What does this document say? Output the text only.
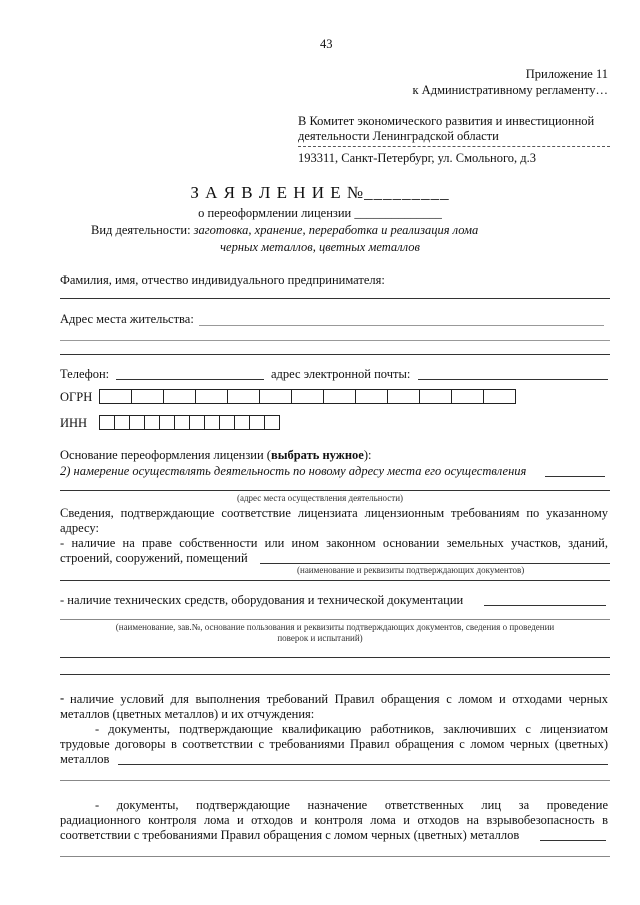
43
Приложение 11
к Административному регламенту…
В Комитет экономического развития и инвестиционной
деятельности Ленинградской области
193311, Санкт-Петербург, ул. Смольного, д.3
З А Я В Л Е Н И Е №_________
о переоформлении лицензии ______________
Вид деятельности: заготовка, хранение, переработка и реализация лома
черных металлов, цветных металлов
Фамилия, имя, отчество индивидуального предпринимателя:
Адрес места жительства:
Телефон:	адрес электронной почты:
ОГРН
ИНН
Основание переоформления лицензии (выбрать нужное):
2) намерение осуществлять деятельность по новому адресу места его осуществления
(адрес места осуществления деятельности)
Сведения, подтверждающие соответствие лицензиата лицензионным требованиям по указанному
адресу:
- наличие на праве собственности или ином законном основании земельных участков, зданий,
строений, сооружений, помещений
(наименование и реквизиты подтверждающих документов)
- наличие технических средств, оборудования и технической документации
(наименование, зав.№, основание пользования и реквизиты подтверждающих документов, сведения о проведении
поверок и испытаний)
- наличие условий для выполнения требований Правил обращения с ломом и отходами черных
металлов (цветных металлов) и их отчуждения:
- документы, подтверждающие квалификацию работников, заключивших с лицензиатом
трудовые договоры в соответствии с требованиями Правил обращения с ломом черных (цветных)
металлов
- документы, подтверждающие назначение ответственных лиц за проведение
радиационного контроля лома и отходов и контроля лома и отходов на взрывобезопасность в
соответствии с требованиями Правил обращения с ломом черных (цветных) металлов
